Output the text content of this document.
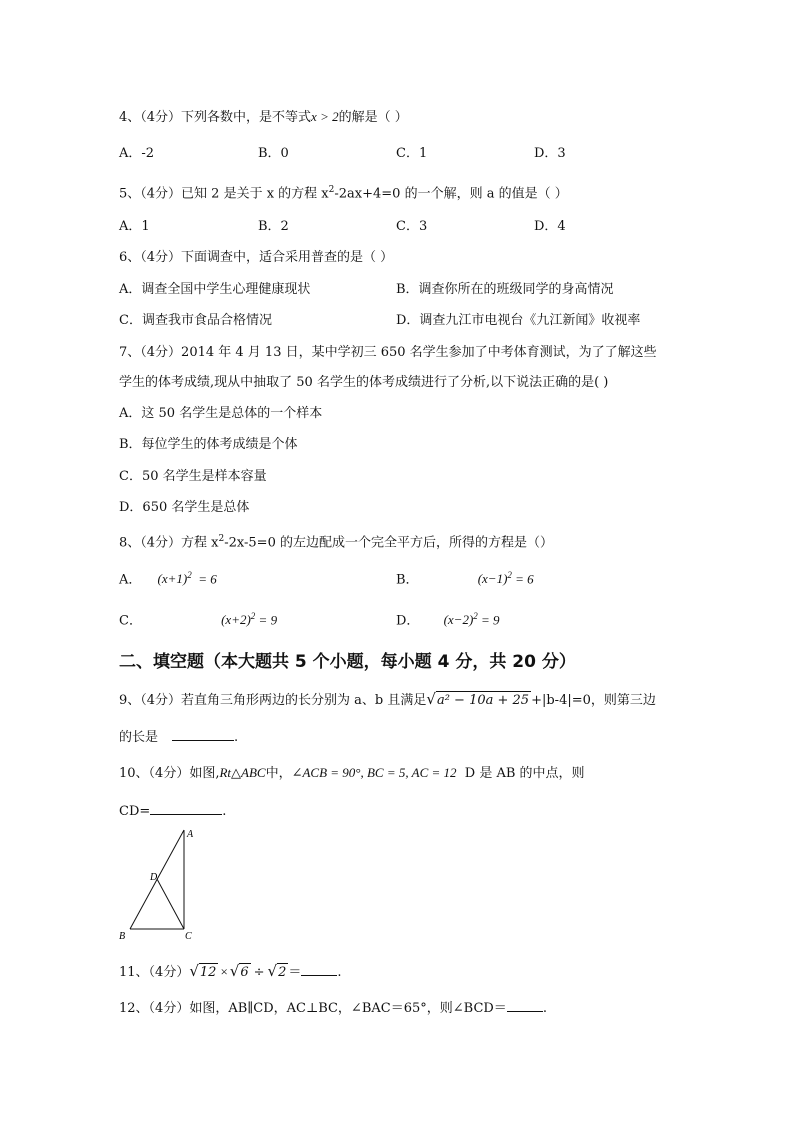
4、（4分）下列各数中，是不等式x > 2的解是（ ）
A．-2	B．0	C．1	D．3
5、（4分）已知 2 是关于 x 的方程 $x^2-2ax+4=0$ 的一个解，则 a 的值是（ ）
A．1	B．2	C．3	D．4
6、（4分）下面调查中，适合采用普查的是（ ）
A．调查全国中学生心理健康现状	B．调查你所在的班级同学的身高情况
C．调查我市食品合格情况	D．调查九江市电视台《九江新闻》收视率
7、（4分）2014 年 4 月 13 日，某中学初三 650 名学生参加了中考体育测试，为了了解这些
学生的体考成绩,现从中抽取了 50 名学生的体考成绩进行了分析,以下说法正确的是( )
A．这 50 名学生是总体的一个样本
B．每位学生的体考成绩是个体
C．50 名学生是样本容量
D．650 名学生是总体
8、（4分）方程 $x^2-2x-5=0$ 的左边配成一个完全平方后，所得的方程是（）
A． $(x+1)^2 = 6$	B．	$(x-1)^2 = 6$
C．	$(x+2)^2 = 9$	D． $(x-2)^2 = 9$
二、填空题（本大题共 5 个小题，每小题 4 分，共 20 分）
9、（4分）若直角三角形两边的长分别为 a、b 且满足√a² − 10a + 25 +|b-4|=0，则第三边
的长是	.
10、（4分）如图,Rt△ABC中，∠ACB = 90°, BC = 5, AC = 12  D 是 AB 的中点，则
CD=	.
A
B	C
D
11、（4分）√12 × √6 ÷ √2 ＝	.
12、（4分）如图，AB∥CD，AC⊥BC，∠BAC＝65°，则∠BCD＝	.
